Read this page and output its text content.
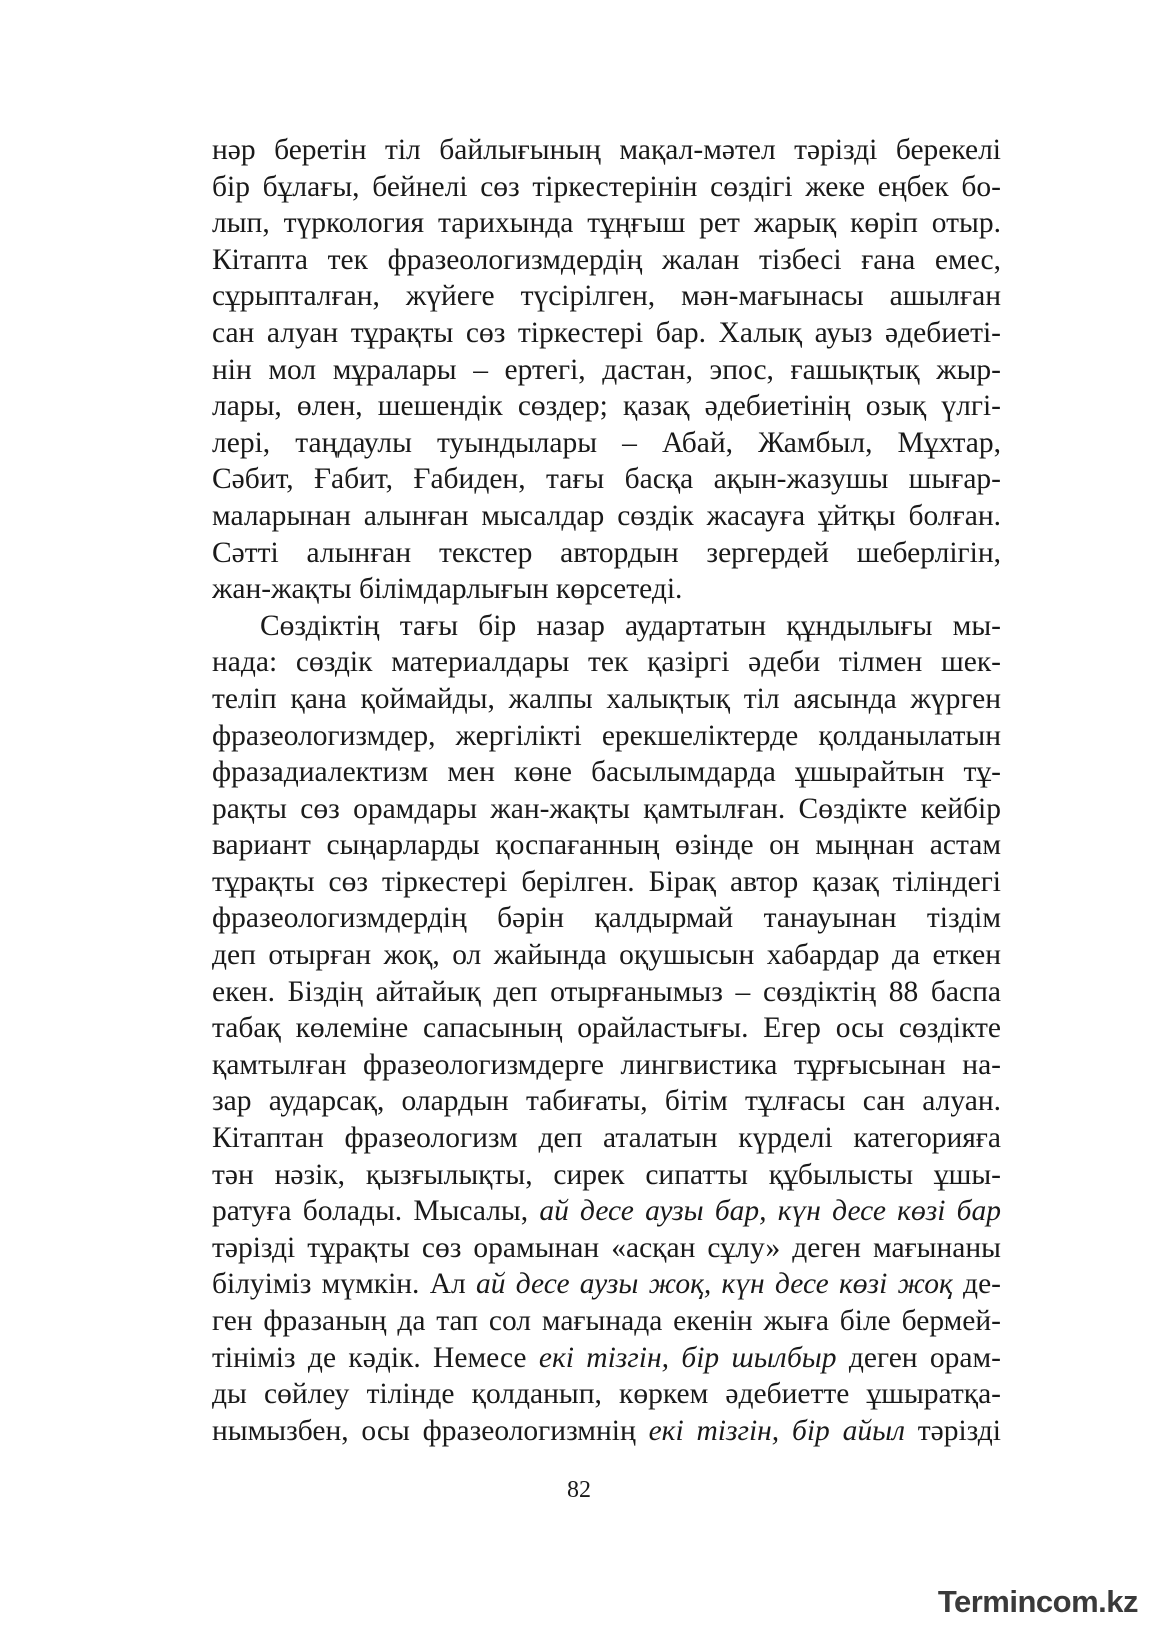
нәр беретін тіл байлығының мақал-мәтел тәрізді берекелі
бір бұлағы, бейнелі сөз тіркестерінін сөздігі жеке еңбек бо-
лып, түркология тарихында тұңғыш рет жарық көріп отыр.
Кітапта тек фразеологизмдердің жалан тізбесі ғана емес,
сұрыпталған, жүйеге түсірілген, мән-мағынасы ашылған
сан алуан тұрақты сөз тіркестері бар. Халық ауыз әдебиеті-
нін мол мұралары – ертегі, дастан, эпос, ғашықтық жыр-
лары, өлен, шешендік сөздер; қазақ әдебиетінің озық үлгі-
лері, таңдаулы туындылары – Абай, Жамбыл, Мұхтар,
Сәбит, Ғабит, Ғабиден, тағы басқа ақын-жазушы шығар-
маларынан алынған мысалдар сөздік жасауға ұйтқы болған.
Сәтті алынған текстер автордын зергердей шеберлігін,
жан-жақты білімдарлығын көрсетеді.
Сөздіктің тағы бір назар аудартатын құндылығы мы-
нада: сөздік материалдары тек қазіргі әдеби тілмен шек-
теліп қана қоймайды, жалпы халықтық тіл аясында жүрген
фразеологизмдер, жергілікті ерекшеліктерде қолданылатын
фразадиалектизм мен көне басылымдарда ұшырайтын тұ-
рақты сөз орамдары жан-жақты қамтылған. Сөздікте кейбір
вариант сыңарларды қоспағанның өзінде он мыңнан астам
тұрақты сөз тіркестері берілген. Бірақ автор қазақ тіліндегі
фразеологизмдердің бәрін қалдырмай танауынан тіздім
деп отырған жоқ, ол жайында оқушысын хабардар да еткен
екен. Біздің айтайық деп отырғанымыз – сөздіктің 88 баспа
табақ көлеміне сапасының орайластығы. Егер осы сөздікте
қамтылған фразеологизмдерге лингвистика тұрғысынан на-
зар аударсақ, олардын табиғаты, бітім тұлғасы сан алуан.
Кітаптан фразеологизм деп аталатын күрделі категорияға
тән нәзік, қызғылықты, сирек сипатты құбылысты ұшы-
ратуға болады. Мысалы, ай десе аузы бар, күн десе көзі бар
тәрізді тұрақты сөз орамынан «асқан сұлу» деген мағынаны
білуіміз мүмкін. Ал ай десе аузы жоқ, күн десе көзі жоқ де-
ген фразаның да тап сол мағынада екенін жыға біле бермей-
тініміз де кәдік. Немесе екі тізгін, бір шылбыр деген орам-
ды сөйлеу тілінде қолданып, көркем әдебиетте ұшыратқа-
нымызбен, осы фразеологизмнің екі тізгін, бір айыл тәрізді
82
Termincom.kz
